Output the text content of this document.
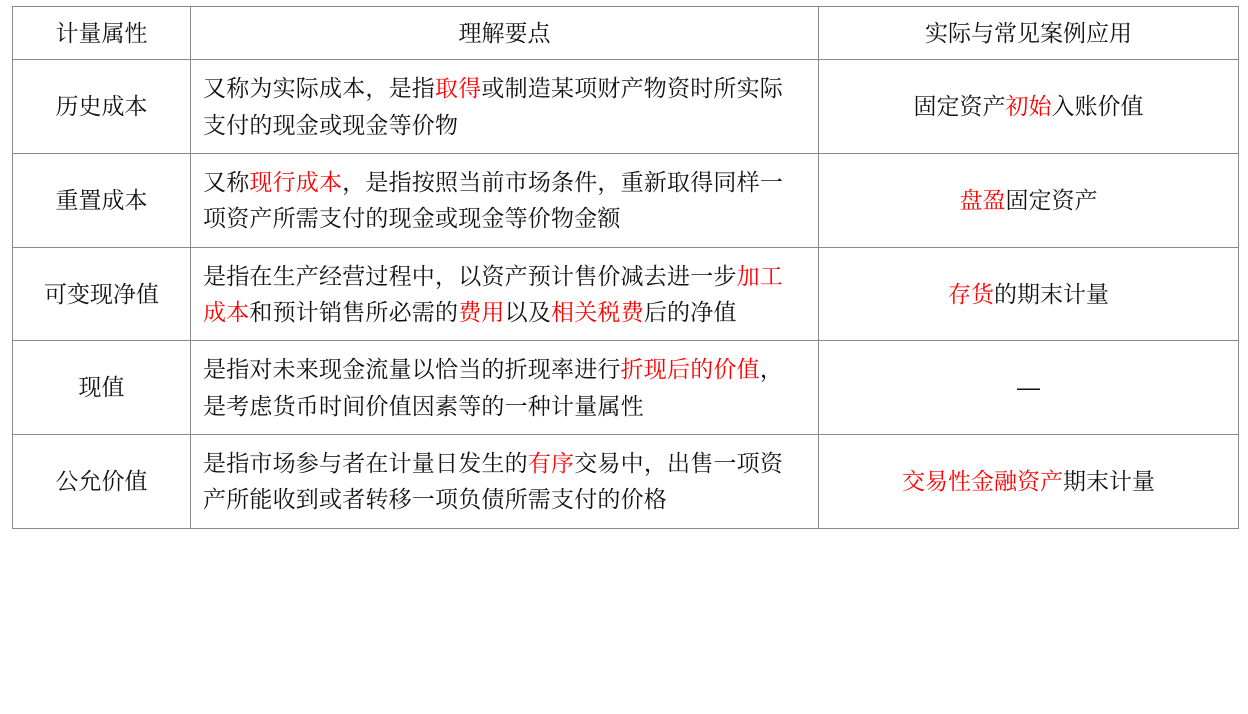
计量属性	理解要点	实际与常见案例应用
历史成本	又称为实际成本，是指取得或制造某项财产物资时所实际支付的现金或现金等价物	固定资产初始入账价值
重置成本	又称现行成本，是指按照当前市场条件，重新取得同样一项资产所需支付的现金或现金等价物金额	盘盈固定资产
可变现净值	是指在生产经营过程中，以资产预计售价减去进一步加工成本和预计销售所必需的费用以及相关税费后的净值	存货的期末计量
现值	是指对未来现金流量以恰当的折现率进行折现后的价值，是考虑货币时间价值因素等的一种计量属性	—
公允价值	是指市场参与者在计量日发生的有序交易中，出售一项资产所能收到或者转移一项负债所需支付的价格	交易性金融资产期末计量
